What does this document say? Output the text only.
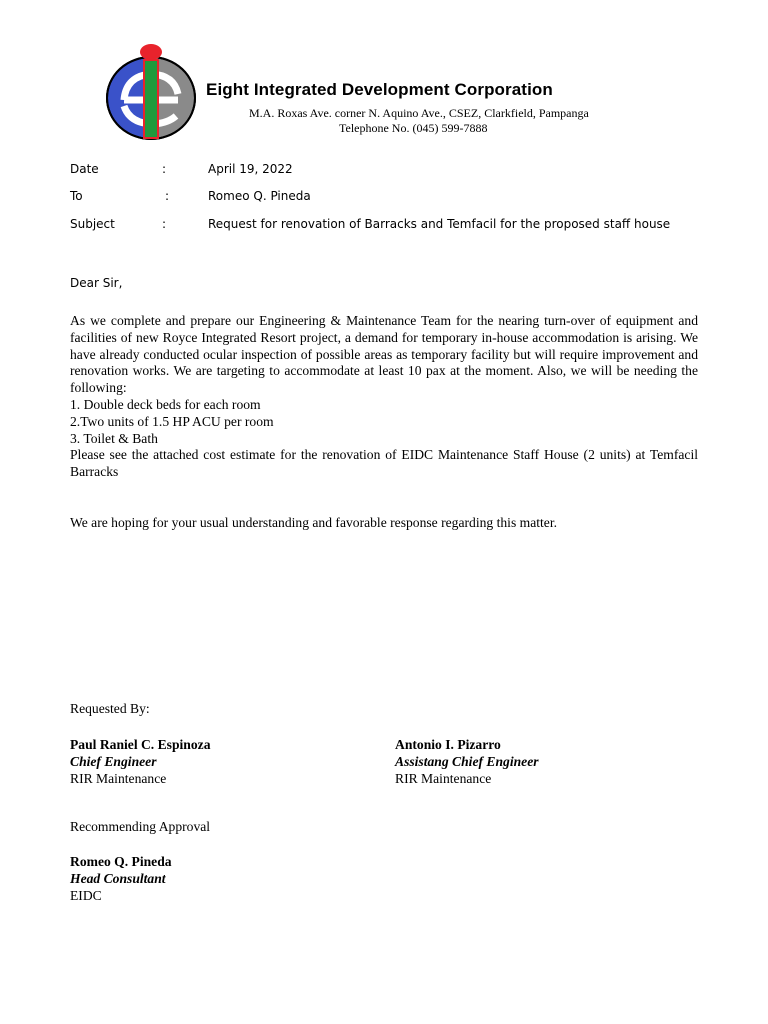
Eight Integrated Development Corporation
M.A. Roxas Ave. corner N. Aquino Ave., CSEZ, Clarkfield, Pampanga
Telephone No. (045) 599-7888
Date	:	April 19, 2022
To	:	Romeo Q. Pineda
Subject	:	Request for renovation of Barracks and Temfacil for the proposed staff house
Dear Sir,

As we complete and prepare our Engineering & Maintenance Team for the nearing turn-over of equipment and facilities of new Royce Integrated Resort project, a demand for temporary in-house accommodation is arising. We have already conducted ocular inspection of possible areas as temporary facility but will require improvement and renovation works. We are targeting to accommodate at least 10 pax at the moment. Also, we will be needing the following:

1. Double deck beds for each room

2.Two units of 1.5 HP ACU per room

3. Toilet & Bath

Please see the attached cost estimate for the renovation of EIDC Maintenance Staff House (2 units) at Temfacil Barracks

We are hoping for your usual understanding and favorable response regarding this matter.
Requested By:
Paul Raniel C. Espinoza
Chief Engineer
RIR Maintenance
Antonio I. Pizarro
Assistang Chief Engineer
RIR Maintenance
Recommending Approval
Romeo Q. Pineda
Head Consultant
EIDC
